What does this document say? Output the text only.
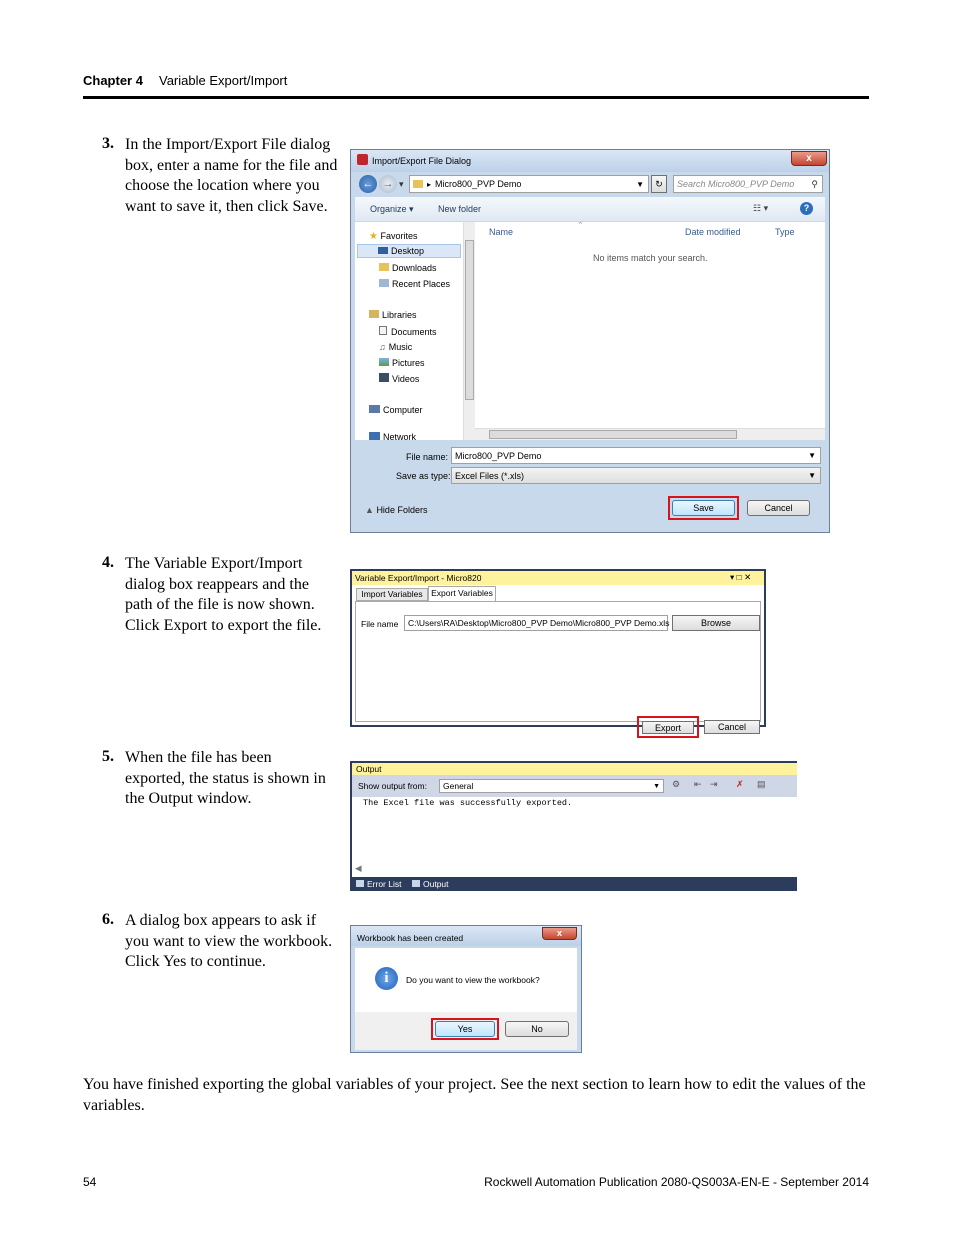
Chapter 4 Variable Export/Import
3. In the Import/Export File dialog
box, enter a name for the file and
choose the location where you
want to save it, then click Save.
Import/Export File Dialog	x
← → ▾	▸ Micro800_PVP Demo	▼	↻	Search Micro800_PVP Demo ⚲
Organize ▾	New folder	☷ ▾	?
★ Favorites
Desktop
Downloads
Recent Places
Libraries
Documents
♫ Music
Pictures
Videos
Computer
Network
Name
ˆ
Date modified	Type
No items match your search.
File name: Micro800_PVP Demo	▼
Save as type: Excel Files (*.xls)	▼
▲ Hide Folders	Save	Cancel
4. The Variable Export/Import
dialog box reappears and the
path of the file is now shown.
Click Export to export the file.
Variable Export/Import - Micro820	▾ □ ✕
Import Variables	Export Variables
File name	C:\Users\RA\Desktop\Micro800_PVP Demo\Micro800_PVP Demo.xls	Browse
Export	Cancel
5. When the file has been
exported, the status is shown in
the Output window.
Output
Show output from: General	▼ ⚙ ⇤ ⇥ ✗ ▤
The Excel file was successfully exported.
◀
Error List	Output
6. A dialog box appears to ask if
you want to view the workbook.
Click Yes to continue.
Workbook has been created	x
i	Do you want to view the workbook?
Yes	No
You have finished exporting the global variables of your project. See the next section to learn how to edit the values of the
variables.
54	Rockwell Automation Publication 2080-QS003A-EN-E - September 2014
